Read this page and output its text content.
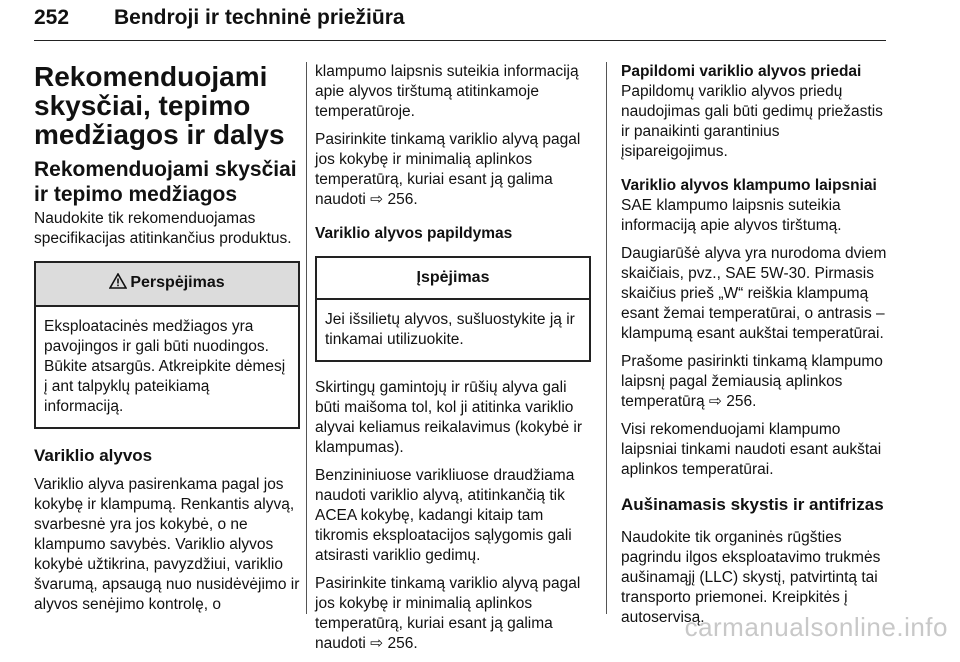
252 Bendroji ir techninė priežiūra
Rekomenduojami skysčiai, tepimo medžiagos ir dalys
Rekomenduojami skysčiai ir tepimo medžiagos

Naudokite tik rekomenduojamas specifikacijas atitinkančius produktus.

Perspėjimas

Eksploatacinės medžiagos yra pavojingos ir gali būti nuodingos. Būkite atsargūs. Atkreipkite dėmesį į ant talpyklų pateikiamą informaciją.

Variklio alyvos

Variklio alyva pasirenkama pagal jos kokybę ir klampumą. Renkantis alyvą, svarbesnė yra jos kokybė, o ne klampumo savybės. Variklio alyvos kokybė užtikrina, pavyzdžiui, variklio švarumą, apsaugą nuo nusidėvėjimo ir alyvos senėjimo kontrolę, o

klampumo laipsnis suteikia informaciją apie alyvos tirštumą atitinkamoje temperatūroje.

Pasirinkite tinkamą variklio alyvą pagal jos kokybę ir minimalią aplinkos temperatūrą, kuriai esant ją galima naudoti ⇨ 256.

Variklio alyvos papildymas
Įspėjimas

Jei išsilietų alyvos, sušluostykite ją ir tinkamai utilizuokite.

Skirtingų gamintojų ir rūšių alyva gali būti maišoma tol, kol ji atitinka variklio alyvai keliamus reikalavimus (kokybė ir klampumas).

Benzininiuose varikliuose draudžiama naudoti variklio alyvą, atitinkančią tik ACEA kokybę, kadangi kitaip tam tikromis eksploatacijos sąlygomis gali atsirasti variklio gedimų.

Pasirinkite tinkamą variklio alyvą pagal jos kokybę ir minimalią aplinkos temperatūrą, kuriai esant ją galima naudoti ⇨ 256.

Papildomi variklio alyvos priedai

Papildomų variklio alyvos priedų naudojimas gali būti gedimų priežastis ir panaikinti garantinius įsipareigojimus.

Variklio alyvos klampumo laipsniai

SAE klampumo laipsnis suteikia informaciją apie alyvos tirštumą.

Daugiarūšė alyva yra nurodoma dviem skaičiais, pvz., SAE 5W-30. Pirmasis skaičius prieš „W“ reiškia klampumą esant žemai temperatūrai, o antrasis – klampumą esant aukštai temperatūrai.

Prašome pasirinkti tinkamą klampumo laipsnį pagal žemiausią aplinkos temperatūrą ⇨ 256.

Visi rekomenduojami klampumo laipsniai tinkami naudoti esant aukštai aplinkos temperatūrai.

Aušinamasis skystis ir antifrizas

Naudokite tik organinės rūgšties pagrindu ilgos eksploatavimo trukmės aušinamąjį (LLC) skystį, patvirtintą tai transporto priemonei. Kreipkitės į autoservisą.

carmanualsonline.info
